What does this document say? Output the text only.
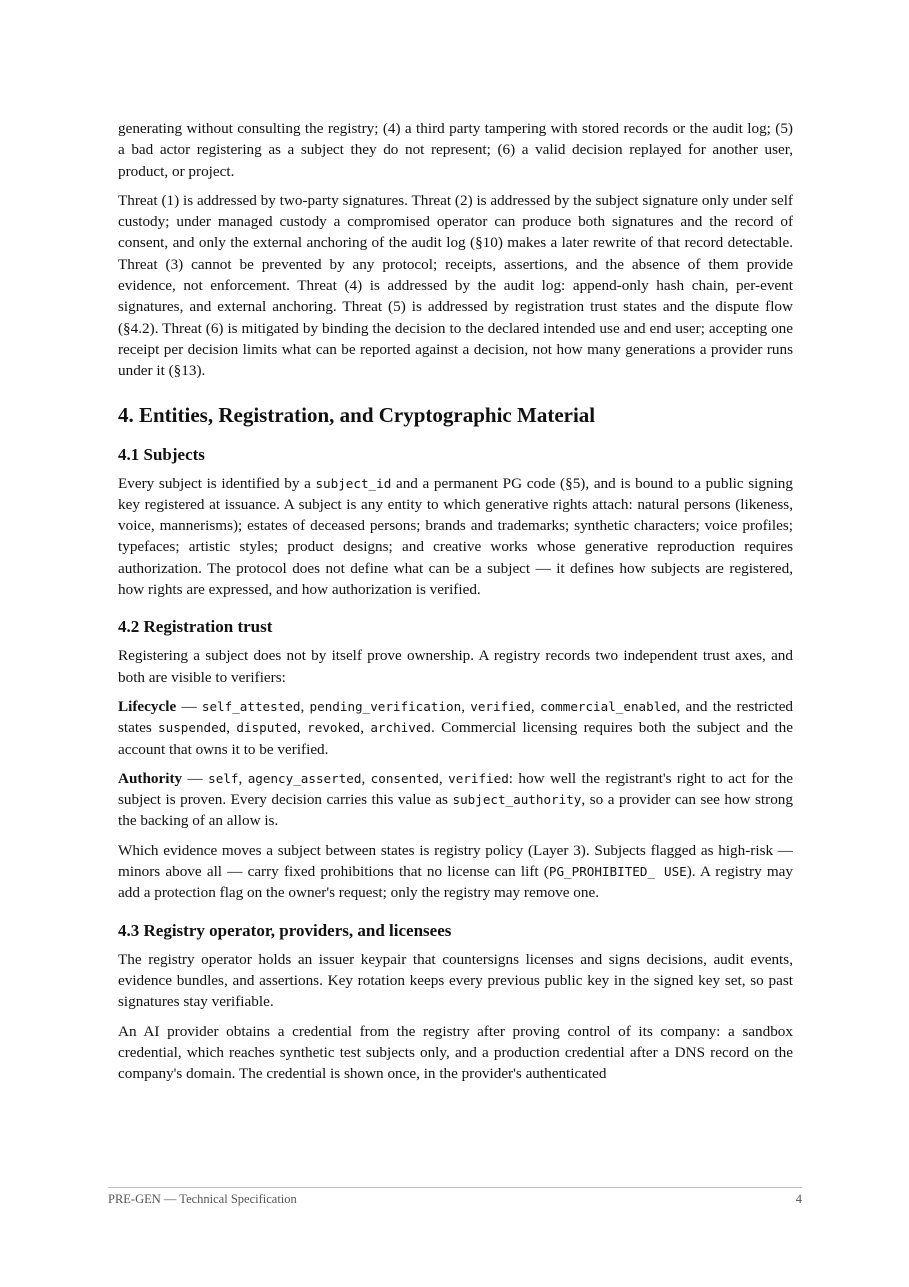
generating without consulting the registry; (4) a third party tampering with stored records or the audit log; (5) a bad actor registering as a subject they do not represent; (6) a valid decision replayed for another user, product, or project.

Threat (1) is addressed by two-party signatures. Threat (2) is addressed by the subject signature only under self custody; under managed custody a compromised operator can produce both signatures and the record of consent, and only the external anchoring of the audit log (§10) makes a later rewrite of that record detectable. Threat (3) cannot be prevented by any protocol; receipts, assertions, and the absence of them provide evidence, not enforcement. Threat (4) is addressed by the audit log: append-only hash chain, per-event signatures, and external anchoring. Threat (5) is addressed by registration trust states and the dispute flow (§4.2). Threat (6) is mitigated by binding the decision to the declared intended use and end user; accepting one receipt per decision limits what can be reported against a decision, not how many generations a provider runs under it (§13).

4. Entities, Registration, and Cryptographic Material
4.1 Subjects

Every subject is identified by a subject_id and a permanent PG code (§5), and is bound to a public signing key registered at issuance. A subject is any entity to which generative rights attach: natural persons (likeness, voice, mannerisms); estates of deceased persons; brands and trademarks; synthetic characters; voice profiles; typefaces; artistic styles; product designs; and creative works whose generative reproduction requires authorization. The protocol does not define what can be a subject — it defines how subjects are registered, how rights are expressed, and how authorization is verified.

4.2 Registration trust

Registering a subject does not by itself prove ownership. A registry records two independent trust axes, and both are visible to verifiers:

Lifecycle — self_attested, pending_verification, verified, commercial_enabled, and the restricted states suspended, disputed, revoked, archived. Commercial licensing requires both the subject and the account that owns it to be verified.

Authority — self, agency_asserted, consented, verified: how well the registrant's right to act for the subject is proven. Every decision carries this value as subject_authority, so a provider can see how strong the backing of an allow is.

Which evidence moves a subject between states is registry policy (Layer 3). Subjects flagged as high-risk — minors above all — carry fixed prohibitions that no license can lift (PG_PROHIBITED_ USE). A registry may add a protection flag on the owner's request; only the registry may remove one.

4.3 Registry operator, providers, and licensees

The registry operator holds an issuer keypair that countersigns licenses and signs decisions, audit events, evidence bundles, and assertions. Key rotation keeps every previous public key in the signed key set, so past signatures stay verifiable.

An AI provider obtains a credential from the registry after proving control of its company: a sandbox credential, which reaches synthetic test subjects only, and a production credential after a DNS record on the company's domain. The credential is shown once, in the provider's authenticated

PRE-GEN — Technical Specification	4
